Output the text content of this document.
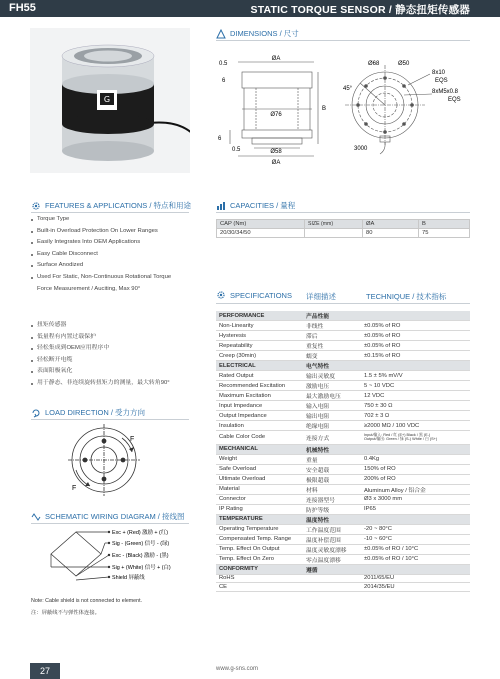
FH55	STATIC TORQUE SENSOR / 静态扭矩传感器
G
DIMENSIONS / 尺寸
ØA
0.5
6
B
Ø76
6
0.5	Ø58
ØA
Ø68	Ø50
45°
8x10
EQS
8xM5x0.8
EQS
3000
FEATURES & APPLICATIONS / 特点和用途
Torque Type
Built-in Overload Protection On Lower Ranges
Easily Integrates Into OEM Applications
Easy Cable Disconnect
Surface Anodized
Used For Static, Non-Continuous Rotational Torque
Force Measurement / Auciting, Max 90°
扭矩传感器
低量程有内置过载保护
轻松集成到OEM应用程序中
轻松断开电缆
表面阳极氧化
用于静态、非连续旋转扭矩力的测量，最大转角90°
LOAD DIRECTION / 受力方向
F
F
SCHEMATIC WIRING DIAGRAM / 接线图
Exc + (Red) 激励 + (红)
Sig - (Green) 信号 - (绿)
Exc - (Black) 激励 - (黑)
Sig + (White) 信号 + (白)
Shield 屏蔽线
Note: Cable shield is not connected to element.
注：屏蔽线不与弹性体连接。
CAPACITIES / 量程
CAP (Nm)	SIZE (mm)	ØA	B
20/30/34/50		80	75
SPECIFICATIONS 详细描述	TECHNIQUE / 技术指标
PERFORMANCE	产品性能	
Non-Linearity	非线性	±0.05% of RO
Hysteresis	滞后	±0.05% of RO
Repeatability	重复性	±0.05% of RO
Creep (30min)	蠕变	±0.15% of RO
ELECTRICAL	电气特性	
Rated Output	输出灵敏度	1.5 ± 5% mV/V
Recommended Excitation	激励电压	5 ~ 10 VDC
Maximum Excitation	最大激励电压	12 VDC
Input Impedance	输入电阻	750 ± 30 Ω
Output Impedance	输出电阻	702 ± 3 Ω
Insulation	绝缘电阻	≥2000 MΩ / 100 VDC
Cable Color Code	连接方式	Input/输入: Red / 红 (E+) Black / 黑 (E-)
Output/输出: Green / 绿 (S-) White / 白 (S+)

MECHANICAL	机械特性	
Weight	重量	0.4Kg
Safe Overload	安全超载	150% of RO
Ultimate Overload	极限超载	200% of RO
Material	材料	Aluminum Alloy / 铝合金
Connector	连接器型号	Ø3 x 3000 mm
IP Rating	防护等级	IP65
TEMPERATURE	温度特性	
Operating Temperature	工作温度范围	-20 ~ 80°C
Compensated Temp. Range	温度补偿范围	-10 ~ 60°C
Temp. Effect On Output	温度灵敏度漂移	±0.05% of RO / 10°C
Temp. Effect On Zero	零点温度漂移	±0.05% of RO / 10°C
CONFORMITY	遵循	
RoHS		2011/65/EU
CE		2014/35/EU
27	www.g-sns.com
